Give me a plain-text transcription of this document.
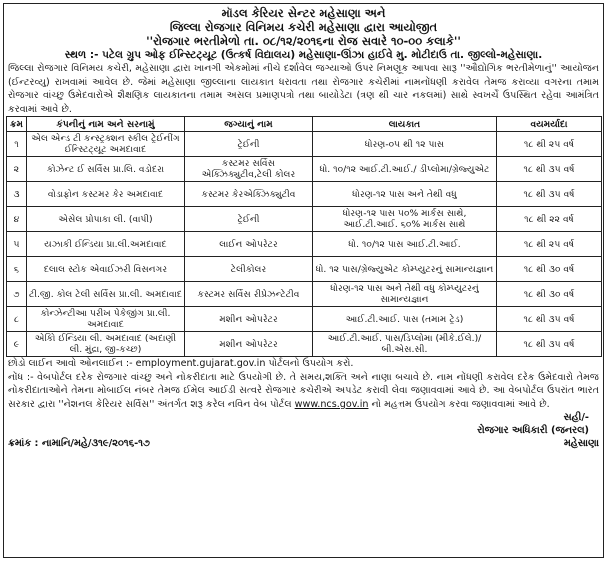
મૉડલ કેરિયર સેન્ટર મહેસાણા અને
જિલ્લા રોજગાર વિનિમય કચેરી મહેસાણા દ્વારા આયોજીત
''રોજગાર ભરતીમેળો તા. ૦૮/૧૨/૨૦૧૬ના રોજ સવારે ૧૦-૦૦ કલાકે''
સ્થળ :- પટેલ ગ્રુપ ઓફ ઈન્સ્ટિટ્યૂટ (ઉત્કર્ષ વિદ્યાલય) મહેસાણા-ઊંઝા હાઈવે મુ. મોટીદાઉ તા. જીલ્લો-મહેસાણા.
જિલ્લા રોજગાર વિનિમય કચેરી, મહેસાણા દ્વારા ખાનગી એકમોમાં નીચે દર્શાવેલ જગ્યાઓ ઉપર નિમણૂક આપવા સારૂ ''ઔદ્યોગિક ભરતીમેળાનું'' આયોજન (ઈન્ટરવ્યુ) રાખવામાં આવેલ છે. જેમાં મહેસાણા જીલ્લાના લાયકાત ધરાવતા તથા રોજગાર કચેરીમાં નામનોંધણી કરાવેલ તેમજ કરાવ્યા વગરના તમામ રોજગાર વાંચ્છુ ઉમેદવારોએ શૈક્ષણિક લાયકાતના તમામ અસલ પ્રમાણપત્રો તથા બાયોડેટા (ત્રણ થી ચાર નકલમાં) સાથે સ્વખર્ચે ઉપસ્થિત રહેવા આમંત્રિત કરવામાં આવે છે.
ક્રમ	કંપનીનું નામ અને સરનામું	જગ્યાનું નામ	લાયકાત	વયમર્યાદા
૧	એલ એન્ડ ટી કન્સ્ટ્રક્શન સ્કીલ ટ્રેઈનીંગ ઈન્સ્ટિટ્યૂટ અમદાવાદ	ટ્રેઈની	ધોરણ-૦૫ થી ૧૨ પાસ	૧૮ થી ૨૫ વર્ષ
૨	કોઝેન્ટ ઈ સર્વિસ પ્રા.લિ. વડોદરા	કસ્ટમર સર્વિસ એક્ઝિક્યુટીવ,ટેલી કોલર	ધો. ૧૦/૧૨ આઈ.ટી.આઈ./ ડીપ્લોમા/ગ્રેજ્યુએટ	૧૮ થી ૩૫ વર્ષ
૩	વોડાફોન કસ્ટમર કેર અમદાવાદ	કસ્ટમર કેરએક્ઝિક્યુટીવ	ધોરણ-૧૨ પાસ અને તેથી વધુ	૧૮ થી ૩૫ વર્ષ
૪	એસેલ પ્રોપાકા લી. (વાપી)	ટ્રેઈની	ધોરણ-૧૨ પાસ ૫૦% માર્કસ સાથે, આઈ.ટી.આઈ. ૬૦% માર્કસ સાથે	૧૮ થી ૨૨ વર્ષ
૫	યઝાકી ઈન્ડિયા પ્રા.લી.અમદાવાદ	લાઈન ઓપરેટર	ધો. ૧૦/૧૨ પાસ આઈ.ટી.આઈ.	૧૮ થી ૨૫ વર્ષ
૬	દલાલ સ્ટોક એવાઈઝરી વિસનગર	ટેલીકોલર	ધો. ૧૨ પાસ/ગ્રેજ્યુએટ કોમ્પ્યુટરનું સામાન્યજ્ઞાન	૧૮ થી ૩૦ વર્ષ
૭	ટી.જી. કોલ ટેલી સર્વિસ પ્રા.લી. અમદાવાદ	કસ્ટમર સર્વિસ રીપ્રેઝન્ટેટીવ	ધોરણ-૧૨ પાસ અને તેથી વધુ કોમ્પ્યુટરનું સામાન્યજ્ઞાન	૧૮ થી ૩૦ વર્ષ
૮	કોન્ઝેન્ટીઆ પરીખ પેકેજીંગ પ્રા.લી. અમદાવાદ	મશીન ઓપરેટર	આઈ.ટી.આઈ. પાસ (તમામ ટ્રેડ)	૧૮ થી ૩૫ વર્ષ
૯	એકિો ઈન્ડિયા લી. અમદાવાદ (અદાણી લી. મુંદ્રા, જી-કચ્છ)	મશીન ઓપરેટર	આઈ.ટી.આઈ. પાસ/ડિપ્લોમા (મીકે.ઈલે.)/ બી.એસ.સી.	૧૮ થી ૩૫ વર્ષ
છોડો લાઈન આવો ઓનલાઈન :- employment.gujarat.gov.in પોર્ટલનો ઉપયોગ કરો.
નોંધ :- વેબપોર્ટલ દરેક રોજગાર વાંચ્છુ અને નોકરીદાતા માટે ઉપયોગી છે. તે સમય,શક્તિ અને નાણા બચાવે છે. નામ નોંધણી કરાવેલ દરેક ઉમેદવારો તેમજ નોકરીદાતાઓને તેમના મોબાઈલ નંબર તેમજ ઈમેલ આઈડી સત્વરે રોજગાર કચેરીએ અપડેટ કરાવી લેવા જણાવવામાં આવે છે. આ વેબપોર્ટલ ઉપરાંત ભારત સરકાર દ્વારા ''નેશનલ કેરિયર સર્વિસ'' અંતર્ગત શરૂ કરેલ નવિન વેબ પોર્ટલ www.ncs.gov.in નો મહત્તમ ઉપયોગ કરવા જણાવવામાં આવે છે.
સહી/-
રોજગાર અધિકારી (જનરલ)
ક્રમાંક : નામાનિ/મહે/૩૧૯/૨૦૧૬-૧૭	મહેસાણા
